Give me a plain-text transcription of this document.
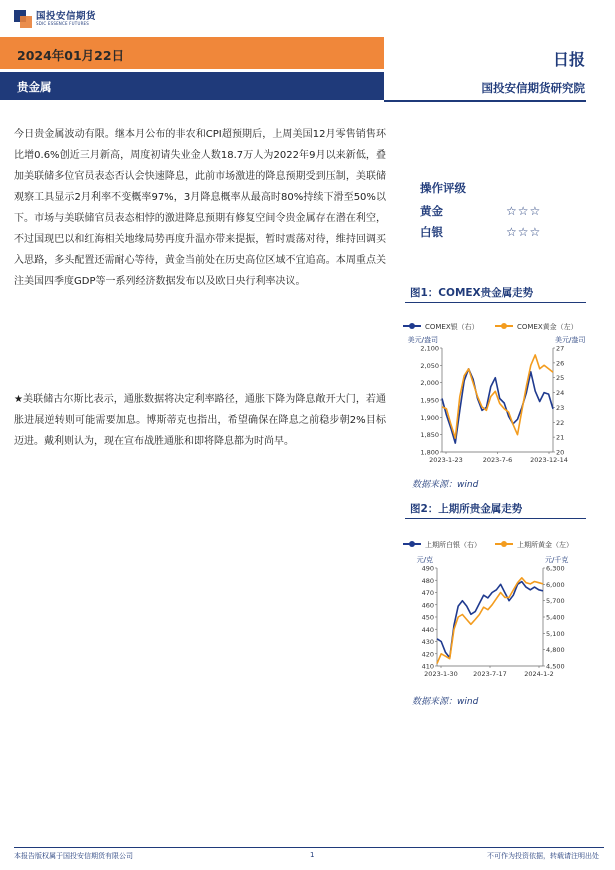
国投安信期货
SDIC ESSENCE FUTURES
2024年01月22日	日报
贵金属	国投安信期货研究院
今日贵金属波动有限。继本月公布的非农和CPI超预期后，上周美国12月零售销售环比增0.6%创近三月新高，周度初请失业金人数18.7万人为2022年9月以来新低，叠加美联储多位官员表态否认会快速降息，此前市场激进的降息预期受到压制，美联储观察工具显示2月利率不变概率97%，3月降息概率从最高时80%持续下滑至50%以下。市场与美联储官员表态相悖的激进降息预期有修复空间令贵金属存在潜在利空，不过国现巴以和红海相关地缘局势再度升温亦带来提振，暂时震荡对待，维持回调买入思路，多头配置还需耐心等待，黄金当前处在历史高位区域不宜追高。本周重点关注美国四季度GDP等一系列经济数据发布以及欧日央行利率决议。
★美联储古尔斯比表示，通胀数据将决定利率路径，通胀下降为降息敞开大门，若通胀进展逆转则可能需要加息。博斯蒂克也指出，希望确保在降息之前稳步朝2%目标迈进。戴利则认为，现在宣布战胜通胀和即将降息都为时尚早。
操作评级
黄金	☆☆☆
白银	☆☆☆
图1：COMEX贵金属走势
COMEX银（右）	COMEX黄金（左）
美元/盎司	美元/盎司
1,800
1,850
1,900
1,950
2,000
2,050
2,100
20
21
22
23
24
25
26
27
2023-1-23	2023-7-6	2023-12-14
数据来源：wind
图2：上期所贵金属走势
上期所白银（右）	上期所黄金（左）
元/克	元/千克
410
420
430
440
450
460
470
480
490
4,500
4,800
5,100
5,400
5,700
6,000
6,300
2023-1-30 2023-7-17	2024-1-2
数据来源：wind
本报告版权属于国投安信期货有限公司	1	不可作为投资依据，转载请注明出处
